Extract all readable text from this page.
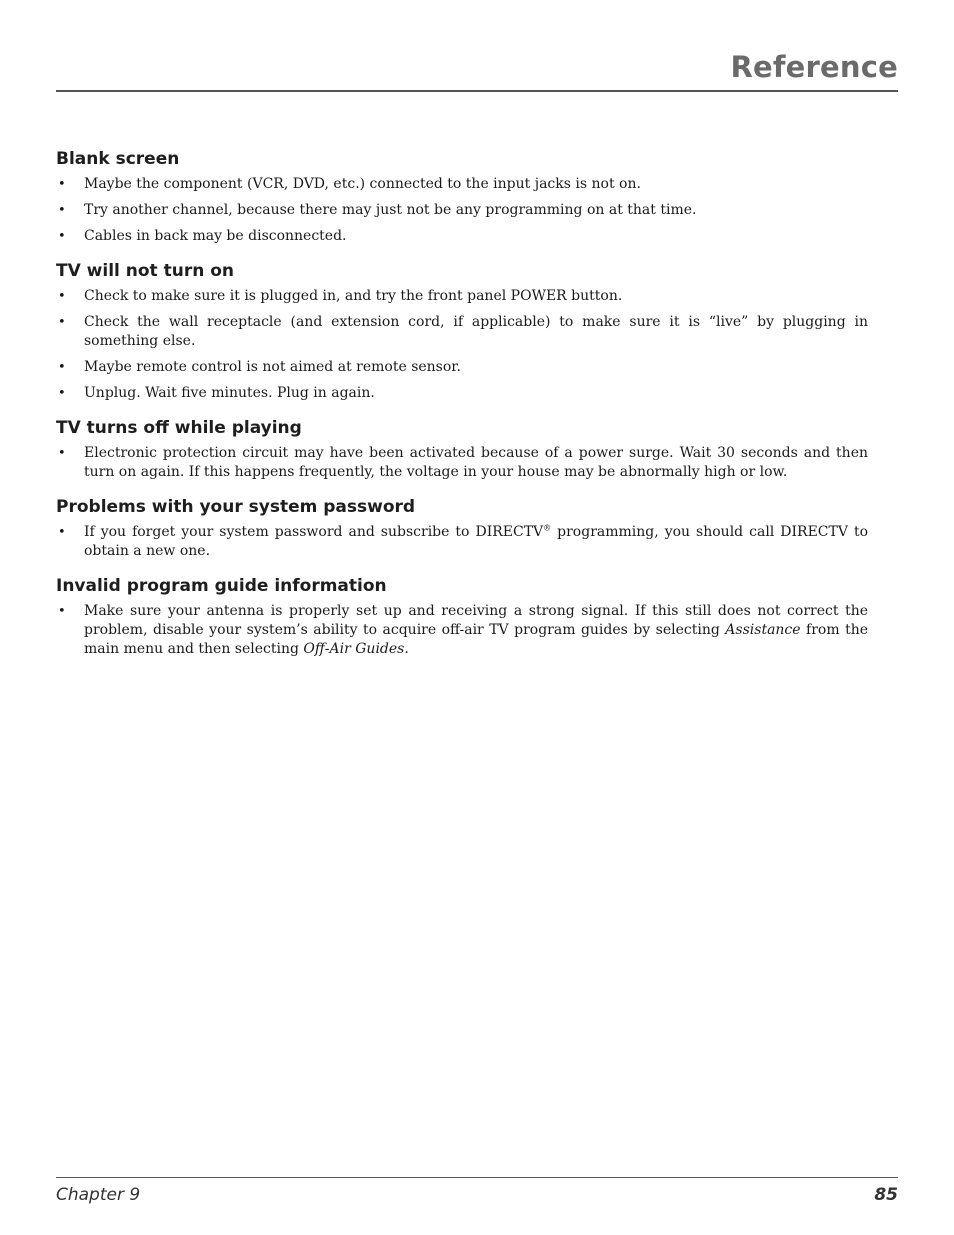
Reference
Blank screen
• Maybe the component (VCR, DVD, etc.) connected to the input jacks is not on.
• Try another channel, because there may just not be any programming on at that time.
• Cables in back may be disconnected.
TV will not turn on
• Check to make sure it is plugged in, and try the front panel POWER button.
• Check the wall receptacle (and extension cord, if applicable) to make sure it is “live” by plugging in something else.
• Maybe remote control is not aimed at remote sensor.
• Unplug. Wait five minutes. Plug in again.
TV turns off while playing
• Electronic protection circuit may have been activated because of a power surge. Wait 30 seconds and then turn on again. If this happens frequently, the voltage in your house may be abnormally high or low.
Problems with your system password
• If you forget your system password and subscribe to DIRECTV® programming, you should call DIRECTV to obtain a new one.
Invalid program guide information
• Make sure your antenna is properly set up and receiving a strong signal. If this still does not correct the problem, disable your system’s ability to acquire off-air TV program guides by selecting Assistance from the main menu and then selecting Off-Air Guides.
Chapter 9	85
